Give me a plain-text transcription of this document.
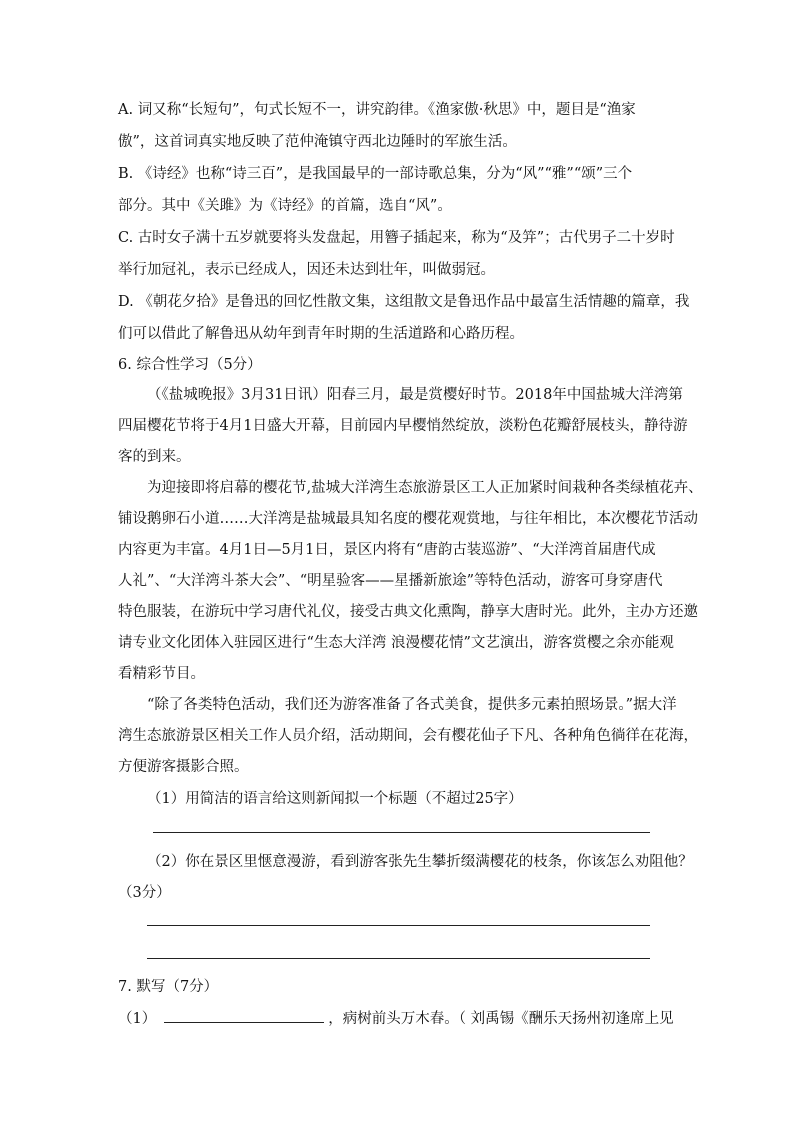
A. 词又称“长短句”，句式长短不一，讲究韵律。《渔家傲·秋思》中，题目是“渔家
傲”，这首词真实地反映了范仲淹镇守西北边陲时的军旅生活。
B. 《诗经》也称“诗三百”，是我国最早的一部诗歌总集，分为“风”“雅”“颂”三个
部分。其中《关雎》为《诗经》的首篇，选自“风”。
C. 古时女子满十五岁就要将头发盘起，用簪子插起来，称为“及笄”；古代男子二十岁时
举行加冠礼，表示已经成人，因还未达到壮年，叫做弱冠。
D. 《朝花夕拾》是鲁迅的回忆性散文集，这组散文是鲁迅作品中最富生活情趣的篇章，我
们可以借此了解鲁迅从幼年到青年时期的生活道路和心路历程。
6. 综合性学习（5分）
（《盐城晚报》3月31日讯）阳春三月，最是赏樱好时节。2018年中国盐城大洋湾第
四届樱花节将于4月1日盛大开幕，目前园内早樱悄然绽放，淡粉色花瓣舒展枝头，静待游
客的到来。
为迎接即将启幕的樱花节,盐城大洋湾生态旅游景区工人正加紧时间栽种各类绿植花卉、
铺设鹅卵石小道……大洋湾是盐城最具知名度的樱花观赏地，与往年相比，本次樱花节活动
内容更为丰富。4月1日—5月1日，景区内将有“唐韵古装巡游”、“大洋湾首届唐代成
人礼”、“大洋湾斗茶大会”、“明星验客——星播新旅途”等特色活动，游客可身穿唐代
特色服装，在游玩中学习唐代礼仪，接受古典文化熏陶，静享大唐时光。此外，主办方还邀
请专业文化团体入驻园区进行“生态大洋湾 浪漫樱花情”文艺演出，游客赏樱之余亦能观
看精彩节目。
“除了各类特色活动，我们还为游客准备了各式美食，提供多元素拍照场景。”据大洋
湾生态旅游景区相关工作人员介绍，活动期间，会有樱花仙子下凡、各种角色徜徉在花海，
方便游客摄影合照。
（1）用简洁的语言给这则新闻拟一个标题（不超过25字）
（2）你在景区里惬意漫游，看到游客张先生攀折缀满樱花的枝条，你该怎么劝阻他？
（3分）
7. 默写（7分）
（1）	，病树前头万木春。（ 刘禹锡《酬乐天扬州初逢席上见
